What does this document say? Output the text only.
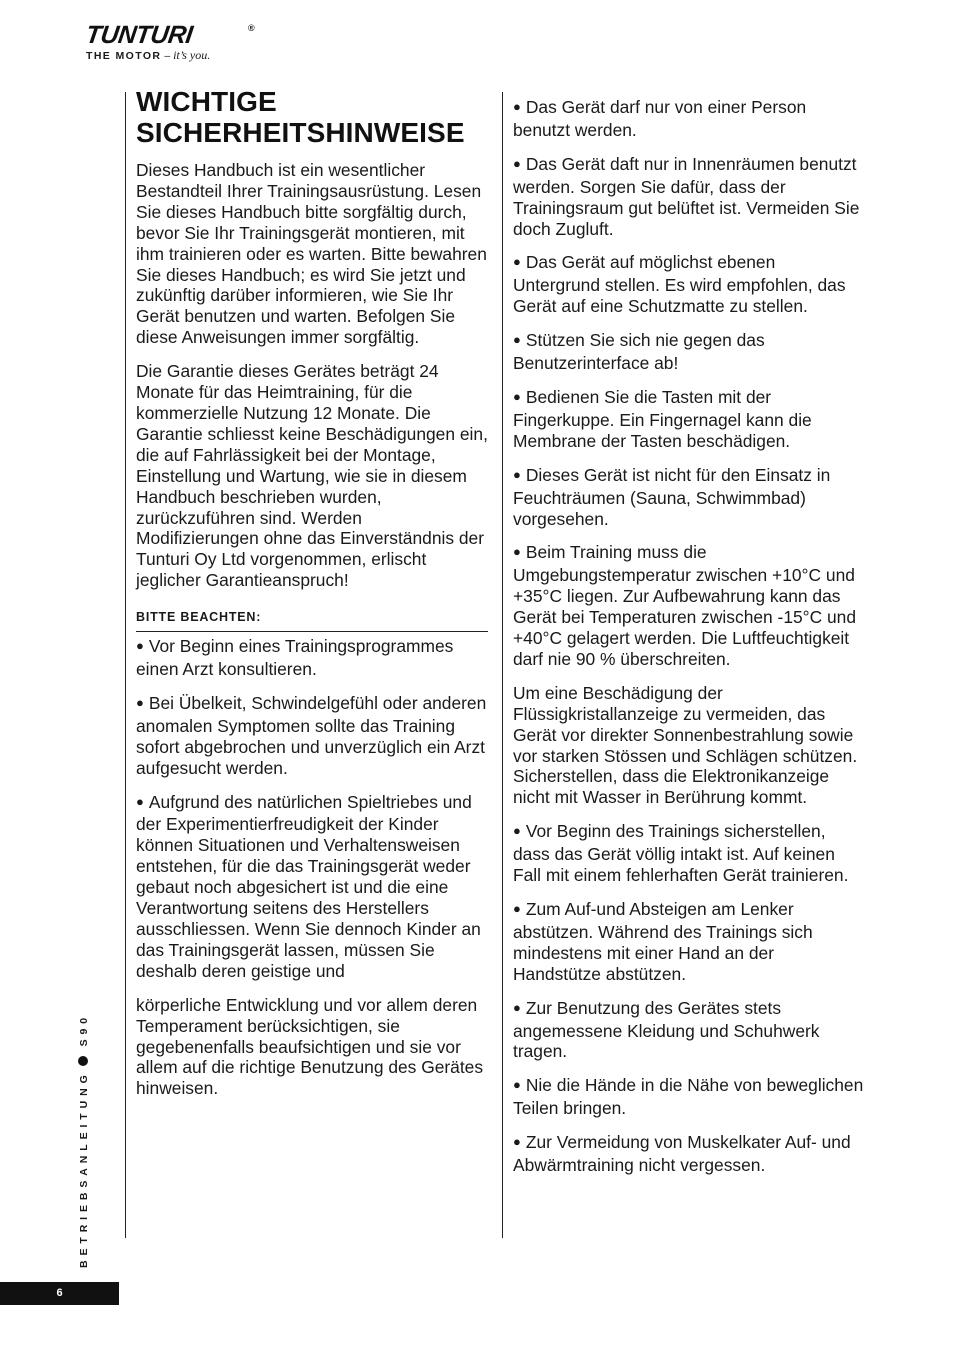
TUNTURI	®
THE MOTOR – it’s you.
WICHTIGE
SICHERHEITSHINWEISE

Dieses Handbuch ist ein wesentlicher Bestandteil Ihrer Trainingsausrüstung. Lesen Sie dieses Handbuch bitte sorgfältig durch, bevor Sie Ihr Trainingsgerät montieren, mit ihm trainieren oder es warten. Bitte bewahren Sie dieses Handbuch; es wird Sie jetzt und zukünftig darüber informieren, wie Sie Ihr Gerät benutzen und warten. Befolgen Sie diese Anweisungen immer sorgfältig.

Die Garantie dieses Gerätes beträgt 24 Monate für das Heimtraining, für die kommerzielle Nutzung 12 Monate. Die Garantie schliesst keine Beschädigungen ein, die auf Fahrlässigkeit bei der Montage, Einstellung und Wartung, wie sie in diesem Handbuch beschrieben wurden, zurückzuführen sind. Werden Modifizierungen ohne das Einverständnis der Tunturi Oy Ltd vorgenommen, erlischt jeglicher Garantieanspruch!

BITTE BEACHTEN:

● Vor Beginn eines Trainingsprogrammes einen Arzt konsultieren.

● Bei Übelkeit, Schwindelgefühl oder anderen anomalen Symptomen sollte das Training sofort abgebrochen und unverzüglich ein Arzt aufgesucht werden.

● Aufgrund des natürlichen Spieltriebes und der Experimentierfreudigkeit der Kinder können Situationen und Verhaltensweisen entstehen, für die das Trainingsgerät weder gebaut noch abgesichert ist und die eine Verantwortung seitens des Herstellers ausschliessen. Wenn Sie dennoch Kinder an das Trainingsgerät lassen, müssen Sie deshalb deren geistige und

körperliche Entwicklung und vor allem deren Temperament berücksichtigen, sie gegebenenfalls beaufsichtigen und sie vor allem auf die richtige Benutzung des Gerätes hinweisen.

● Das Gerät darf nur von einer Person benutzt werden.

● Das Gerät daft nur in Innenräumen benutzt werden. Sorgen Sie dafür, dass der Trainingsraum gut belüftet ist. Vermeiden Sie doch Zugluft.

● Das Gerät auf möglichst ebenen Untergrund stellen. Es wird empfohlen, das Gerät auf eine Schutzmatte zu stellen.

● Stützen Sie sich nie gegen das Benutzerinterface ab!

● Bedienen Sie die Tasten mit der Fingerkuppe. Ein Fingernagel kann die Membrane der Tasten beschädigen.

● Dieses Gerät ist nicht für den Einsatz in Feuchträumen (Sauna, Schwimmbad) vorgesehen.

● Beim Training muss die Umgebungstemperatur zwischen +10°C und +35°C liegen. Zur Aufbewahrung kann das Gerät bei Temperaturen zwischen -15°C und +40°C gelagert werden. Die Luftfeuchtigkeit darf nie 90 % überschreiten.

Um eine Beschädigung der Flüssigkristallanzeige zu vermeiden, das Gerät vor direkter Sonnenbestrahlung sowie vor starken Stössen und Schlägen schützen. Sicherstellen, dass die Elektronikanzeige nicht mit Wasser in Berührung kommt.

● Vor Beginn des Trainings sicherstellen, dass das Gerät völlig intakt ist. Auf keinen Fall mit einem fehlerhaften Gerät trainieren.

● Zum Auf-und Absteigen am Lenker abstützen. Während des Trainings sich mindestens mit einer Hand an der Handstütze abstützen.

● Zur Benutzung des Gerätes stets angemessene Kleidung und Schuhwerk tragen.

● Nie die Hände in die Nähe von beweglichen Teilen bringen.

● Zur Vermeidung von Muskelkater Auf- und Abwärmtraining nicht vergessen.

BETRIEBSANLEITUNGS90
6
